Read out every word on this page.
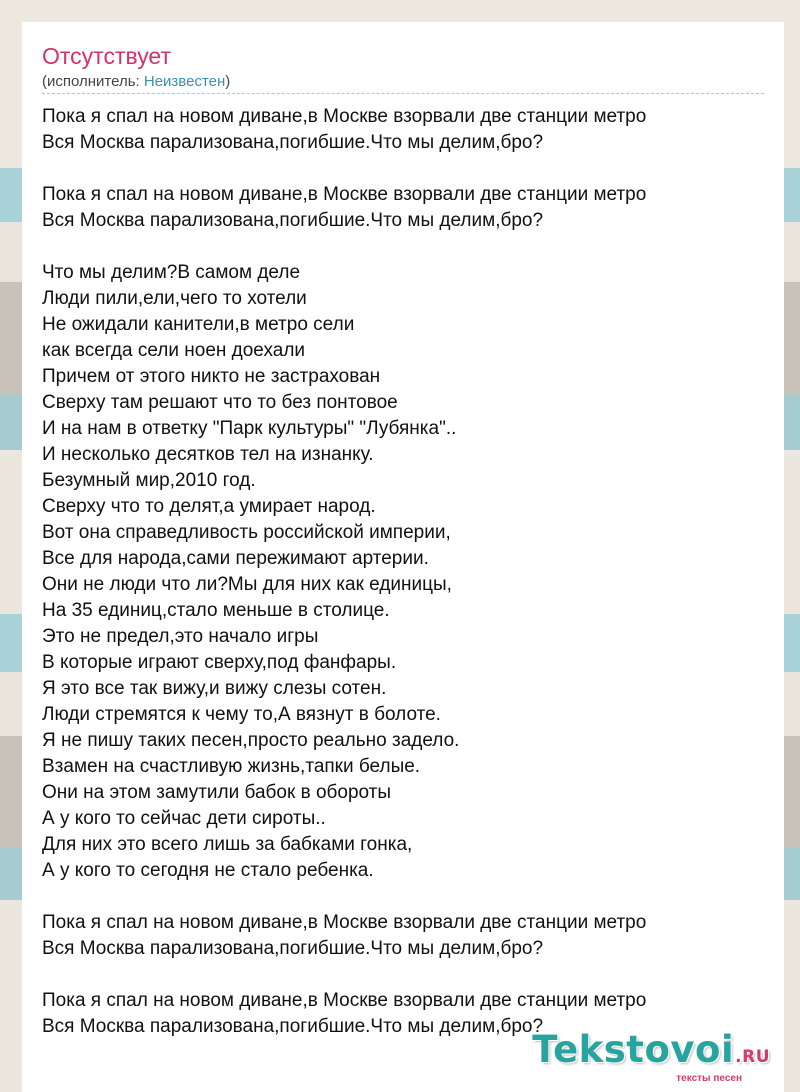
Отсутствует
(исполнитель: Неизвестен)
Пока я спал на новом диване,в Москве взорвали две станции метро
Вся Москва парализована,погибшие.Что мы делим,бро?

Пока я спал на новом диване,в Москве взорвали две станции метро
Вся Москва парализована,погибшие.Что мы делим,бро?

Что мы делим?В самом деле
Люди пили,ели,чего то хотели
Не ожидали канители,в метро сели
как всегда сели ноен доехали
Причем от этого никто не застрахован
Сверху там решают что то без понтовое
И на нам в ответку "Парк культуры" "Лубянка"..
И несколько десятков тел на изнанку.
Безумный мир,2010 год.
Сверху что то делят,а умирает народ.
Вот она справедливость российской империи,
Все для народа,сами пережимают артерии.
Они не люди что ли?Мы для них как единицы,
На 35 единиц,стало меньше в столице.
Это не предел,это начало игры
В которые играют сверху,под фанфары.
Я это все так вижу,и вижу слезы сотен.
Люди стремятся к чему то,А вязнут в болоте.
Я не пишу таких песен,просто реально задело.
Взамен на счастливую жизнь,тапки белые.
Они на этом замутили бабок в обороты
А у кого то сейчас дети сироты..
Для них это всего лишь за бабками гонка,
А у кого то сегодня не стало ребенка.

Пока я спал на новом диване,в Москве взорвали две станции метро
Вся Москва парализована,погибшие.Что мы делим,бро?

Пока я спал на новом диване,в Москве взорвали две станции метро
Вся Москва парализована,погибшие.Что мы делим,бро?
Tekstovoi.RU
тексты песен
